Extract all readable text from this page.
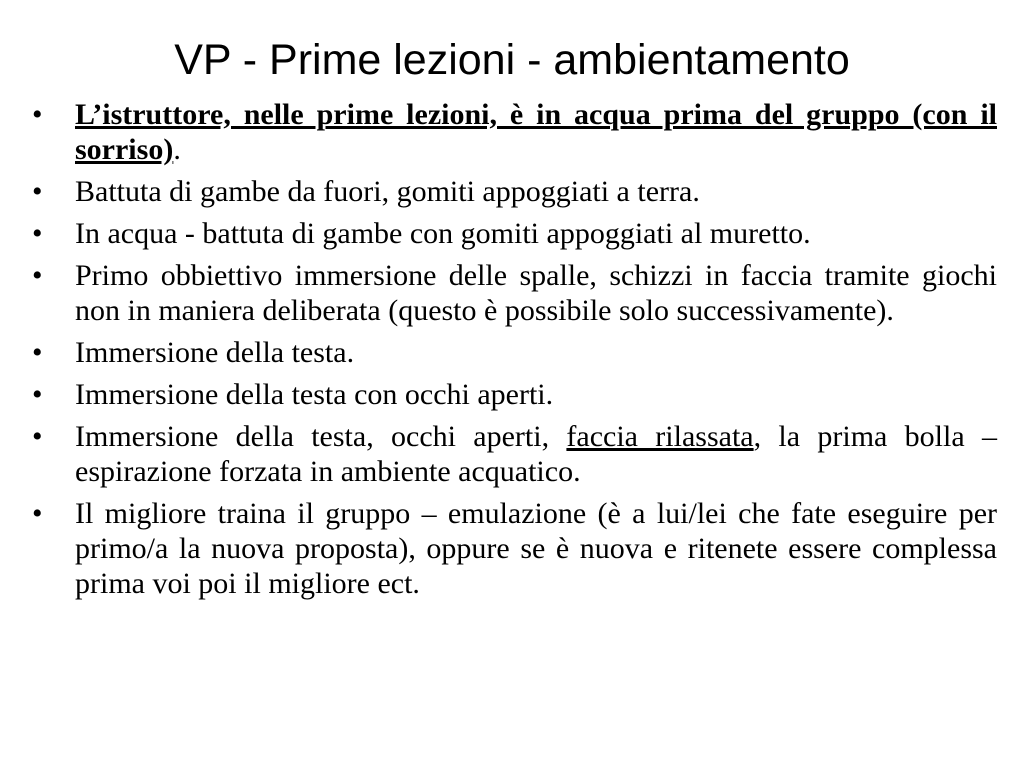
VP - Prime lezioni - ambientamento
•	L’istruttore, nelle prime lezioni, è in acqua prima del gruppo (con il sorriso).
•	Battuta di gambe da fuori, gomiti appoggiati a terra.
•	In acqua - battuta di gambe con gomiti appoggiati al muretto.
•	Primo obbiettivo immersione delle spalle, schizzi in faccia tramite giochi non in maniera deliberata (questo è possibile solo successivamente).
•	Immersione della testa.
•	Immersione della testa con occhi aperti.
•	Immersione della testa, occhi aperti, faccia rilassata, la prima bolla – espirazione forzata in ambiente acquatico.
•	Il migliore traina il gruppo – emulazione (è a lui/lei che fate eseguire per primo/a la nuova proposta), oppure se è nuova e ritenete essere complessa prima voi poi il migliore ect.
